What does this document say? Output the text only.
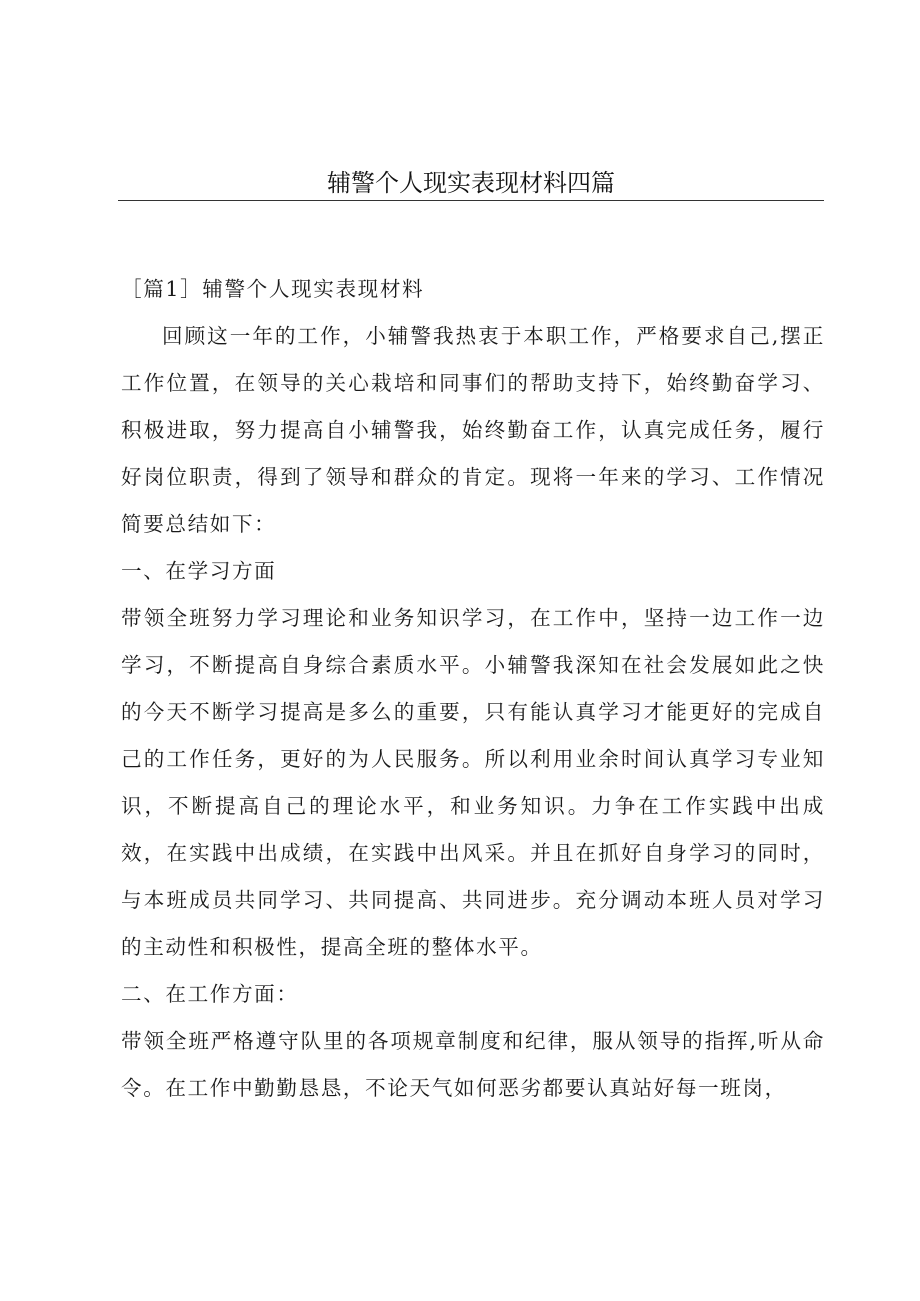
辅警个人现实表现材料四篇

［篇1］辅警个人现实表现材料

回顾这一年的工作，小辅警我热衷于本职工作，严格要求自己,摆正工作位置，在领导的关心栽培和同事们的帮助支持下，始终勤奋学习、积极进取，努力提高自小辅警我，始终勤奋工作，认真完成任务，履行好岗位职责，得到了领导和群众的肯定。现将一年来的学习、工作情况简要总结如下：

一、在学习方面

带领全班努力学习理论和业务知识学习，在工作中，坚持一边工作一边学习，不断提高自身综合素质水平。小辅警我深知在社会发展如此之快的今天不断学习提高是多么的重要，只有能认真学习才能更好的完成自己的工作任务，更好的为人民服务。所以利用业余时间认真学习专业知识，不断提高自己的理论水平，和业务知识。力争在工作实践中出成效，在实践中出成绩，在实践中出风采。并且在抓好自身学习的同时，与本班成员共同学习、共同提高、共同进步。充分调动本班人员对学习的主动性和积极性，提高全班的整体水平。

二、在工作方面：

带领全班严格遵守队里的各项规章制度和纪律，服从领导的指挥,听从命令。在工作中勤勤恳恳，不论天气如何恶劣都要认真站好每一班岗，
